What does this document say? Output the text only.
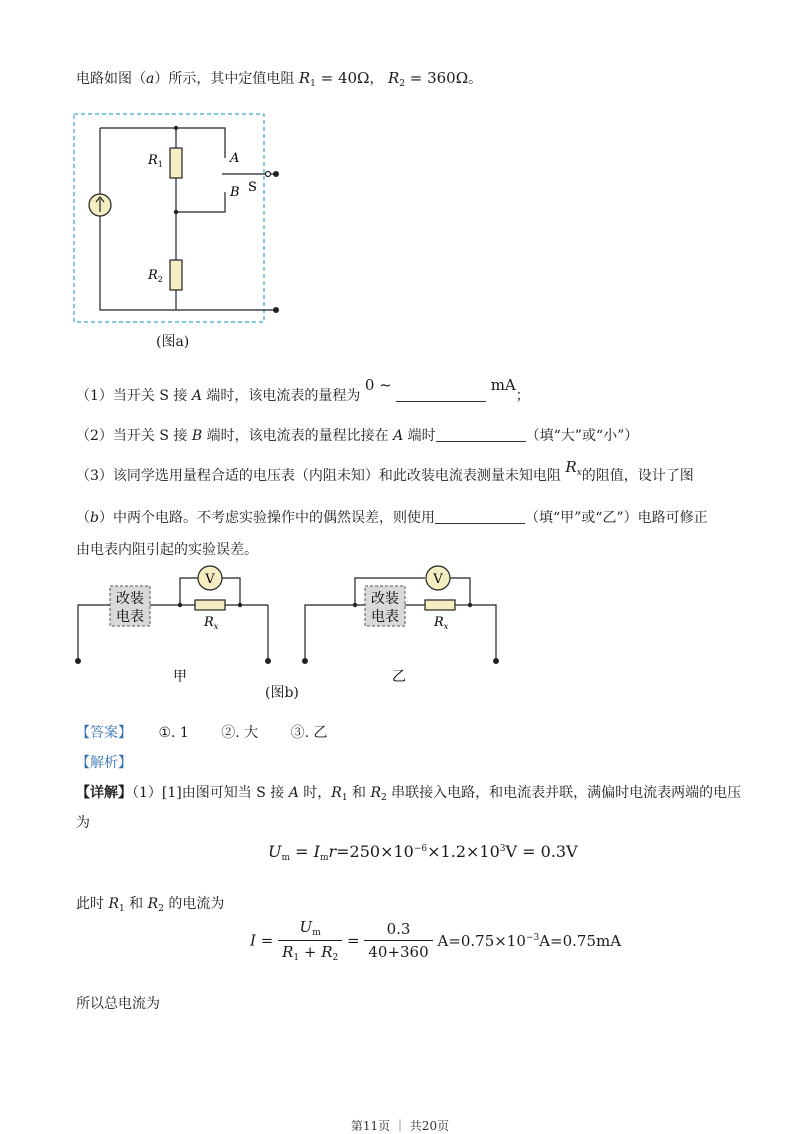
电路如图（a）所示，其中定值电阻 $R_1 = 40\Omega$， $R_2 = 360\Omega$。
$R_1$
$R_2$
A
B S
(图a)
（1）当开关 S 接 A 端时，该电流表的量程为 0 ~	mA；
（2）当开关 S 接 B 端时，该电流表的量程比接在 A 端时	（填“大”或“小”）
（3）该同学选用量程合适的电压表（内阻未知）和此改装电流表测量未知电阻 $R_x$的阻值，设计了图
（b）中两个电路。不考虑实验操作中的偶然误差，则使用	（填“甲”或“乙”）电路可修正
由电表内阻引起的实验误差。
改装
电表
V
$R_x$
甲
改装
电表
V
$R_x$
乙
(图b)
【答案】 ①. 1 ②. 大 ③. 乙
【解析】
【详解】（1）[1]由图可知当 S 接 A 时，$R_1$ 和 $R_2$ 串联接入电路，和电流表并联，满偏时电流表两端的电压
为
$U_m = I_mr=250\times 10^{-6}\times 1.2\times 10^3V = 0.3V$
此时 $R_1$ 和 $R_2$ 的电流为
$I = \frac{U_m}{R_1 + R_2} = \frac{0.3}{40+360} A=0.75\times 10^{-3}A=0.75mA$
所以总电流为
第11页 ｜ 共20页
